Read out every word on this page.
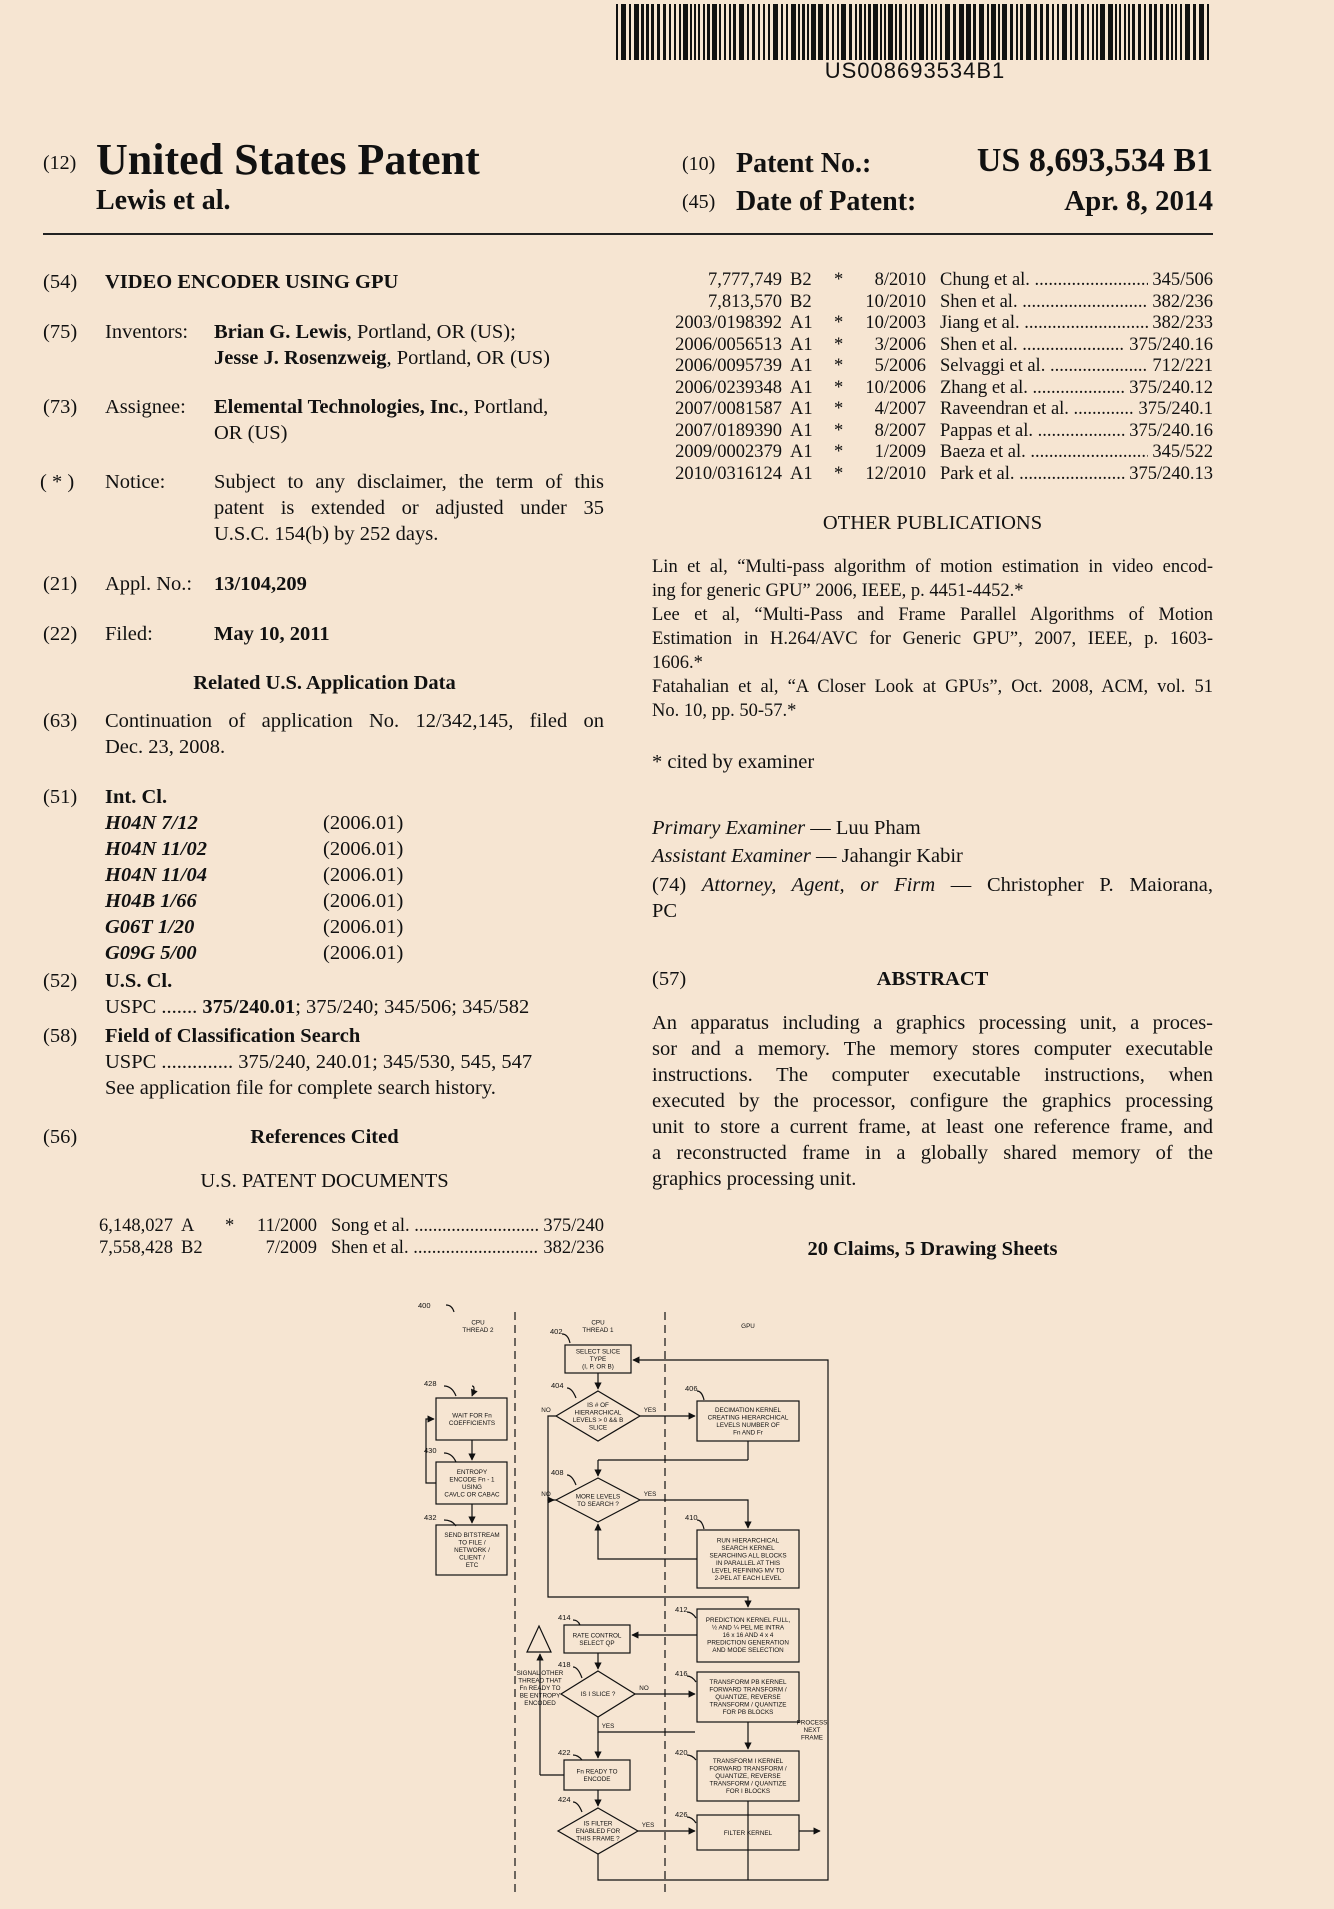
US008693534B1
(12) United States Patent
Lewis et al.
(10) Patent No.:	US 8,693,534 B1
(45) Date of Patent:	Apr. 8, 2014
(54) VIDEO ENCODER USING GPU
(75) Inventors: Brian G. Lewis, Portland, OR (US);
Jesse J. Rosenzweig, Portland, OR (US)
(73) Assignee: Elemental Technologies, Inc., Portland,
OR (US)
( * ) Notice: Subject to any disclaimer, the term of this
patent is extended or adjusted under 35
U.S.C. 154(b) by 252 days.
(21) Appl. No.: 13/104,209
(22) Filed:	May 10, 2011
Related U.S. Application Data
(63) Continuation of application No. 12/342,145, filed on
Dec. 23, 2008.
(51) Int. Cl.
H04N 7/12	(2006.01)
H04N 11/02	(2006.01)
H04N 11/04	(2006.01)
H04B 1/66	(2006.01)
G06T 1/20	(2006.01)
G09G 5/00	(2006.01)
(52) U.S. Cl.
USPC ....... 375/240.01; 375/240; 345/506; 345/582
(58) Field of Classification Search
USPC .............. 375/240, 240.01; 345/530, 545, 547
See application file for complete search history.
(56)	References Cited
U.S. PATENT DOCUMENTS
6,148,027 A	*	11/2000 Song et al. .....	375/240
7,558,428 B2	7/2009 Shen et al. .....	382/236
7,777,749 B2	*	8/2010 Chung et al. .....	345/506
7,813,570 B2	10/2010 Shen et al. .....	382/236
2003/0198392 A1	*	10/2003 Jiang et al. .....	382/233
2006/0056513 A1	*	3/2006 Shen et al. .....	375/240.16
2006/0095739 A1	*	5/2006 Selvaggi et al. .....	712/221
2006/0239348 A1	*	10/2006 Zhang et al. .....	375/240.12
2007/0081587 A1	*	4/2007 Raveendran et al. .....	375/240.1
2007/0189390 A1	*	8/2007 Pappas et al. .....	375/240.16
2009/0002379 A1	*	1/2009 Baeza et al. .....	345/522
2010/0316124 A1	*	12/2010 Park et al. .....	375/240.13
OTHER PUBLICATIONS
Lin et al, “Multi-pass algorithm of motion estimation in video encod-
ing for generic GPU” 2006, IEEE, p. 4451-4452.*
Lee et al, “Multi-Pass and Frame Parallel Algorithms of Motion
Estimation in H.264/AVC for Generic GPU”, 2007, IEEE, p. 1603-
1606.*
Fatahalian et al, “A Closer Look at GPUs”, Oct. 2008, ACM, vol. 51
No. 10, pp. 50-57.*
* cited by examiner
Primary Examiner — Luu Pham
Assistant Examiner — Jahangir Kabir
(74) Attorney, Agent, or Firm — Christopher P. Maiorana,
PC
(57)	ABSTRACT
An apparatus including a graphics processing unit, a proces-
sor and a memory. The memory stores computer executable
instructions. The computer executable instructions, when
executed by the processor, configure the graphics processing
unit to store a current frame, at least one reference frame, and
a reconstructed frame in a globally shared memory of the
graphics processing unit.
20 Claims, 5 Drawing Sheets
400
CPU
THREAD 2
CPU
THREAD 1
GPU
SELECT SLICE
TYPE
(I, P, OR B)
402
IS # OF
HIERARCHICAL
LEVELS > 0 && B
SLICE
404
DECIMATION KERNEL
CREATING HIERARCHICAL
LEVELS NUMBER OF
Fn AND Fr
406
MORE LEVELS
TO SEARCH ?
408
RUN HIERARCHICAL
SEARCH KERNEL
SEARCHING ALL BLOCKS
IN PARALLEL AT THIS
LEVEL REFINING MV TO
2-PEL AT EACH LEVEL
410
PREDICTION KERNEL FULL,
½ AND ¼ PEL ME INTRA
16 x 16 AND 4 x 4
PREDICTION GENERATION
AND MODE SELECTION
412
RATE CONTROL
SELECT QP
414
TRANSFORM PB KERNEL
FORWARD TRANSFORM /
QUANTIZE, REVERSE
TRANSFORM / QUANTIZE
FOR PB BLOCKS
416
IS I SLICE ?
418
TRANSFORM I KERNEL
FORWARD TRANSFORM /
QUANTIZE, REVERSE
TRANSFORM / QUANTIZE
FOR I BLOCKS
420
Fn READY TO
ENCODE
422
IS FILTER
ENABLED FOR
THIS FRAME ?
424
FILTER KERNEL
426
WAIT FOR Fn
COEFFICIENTS
428
ENTROPY
ENCODE Fn - 1
USING
CAVLC OR CABAC
430
SEND BITSTREAM
TO FILE /
NETWORK /
CLIENT /
ETC
432
SIGNAL OTHER
THREAD THAT
Fn READY TO
BE ENTROPY
ENCODED
PROCESS
NEXT
FRAME
NO	YES
NO	YES
NO
YES
YES
